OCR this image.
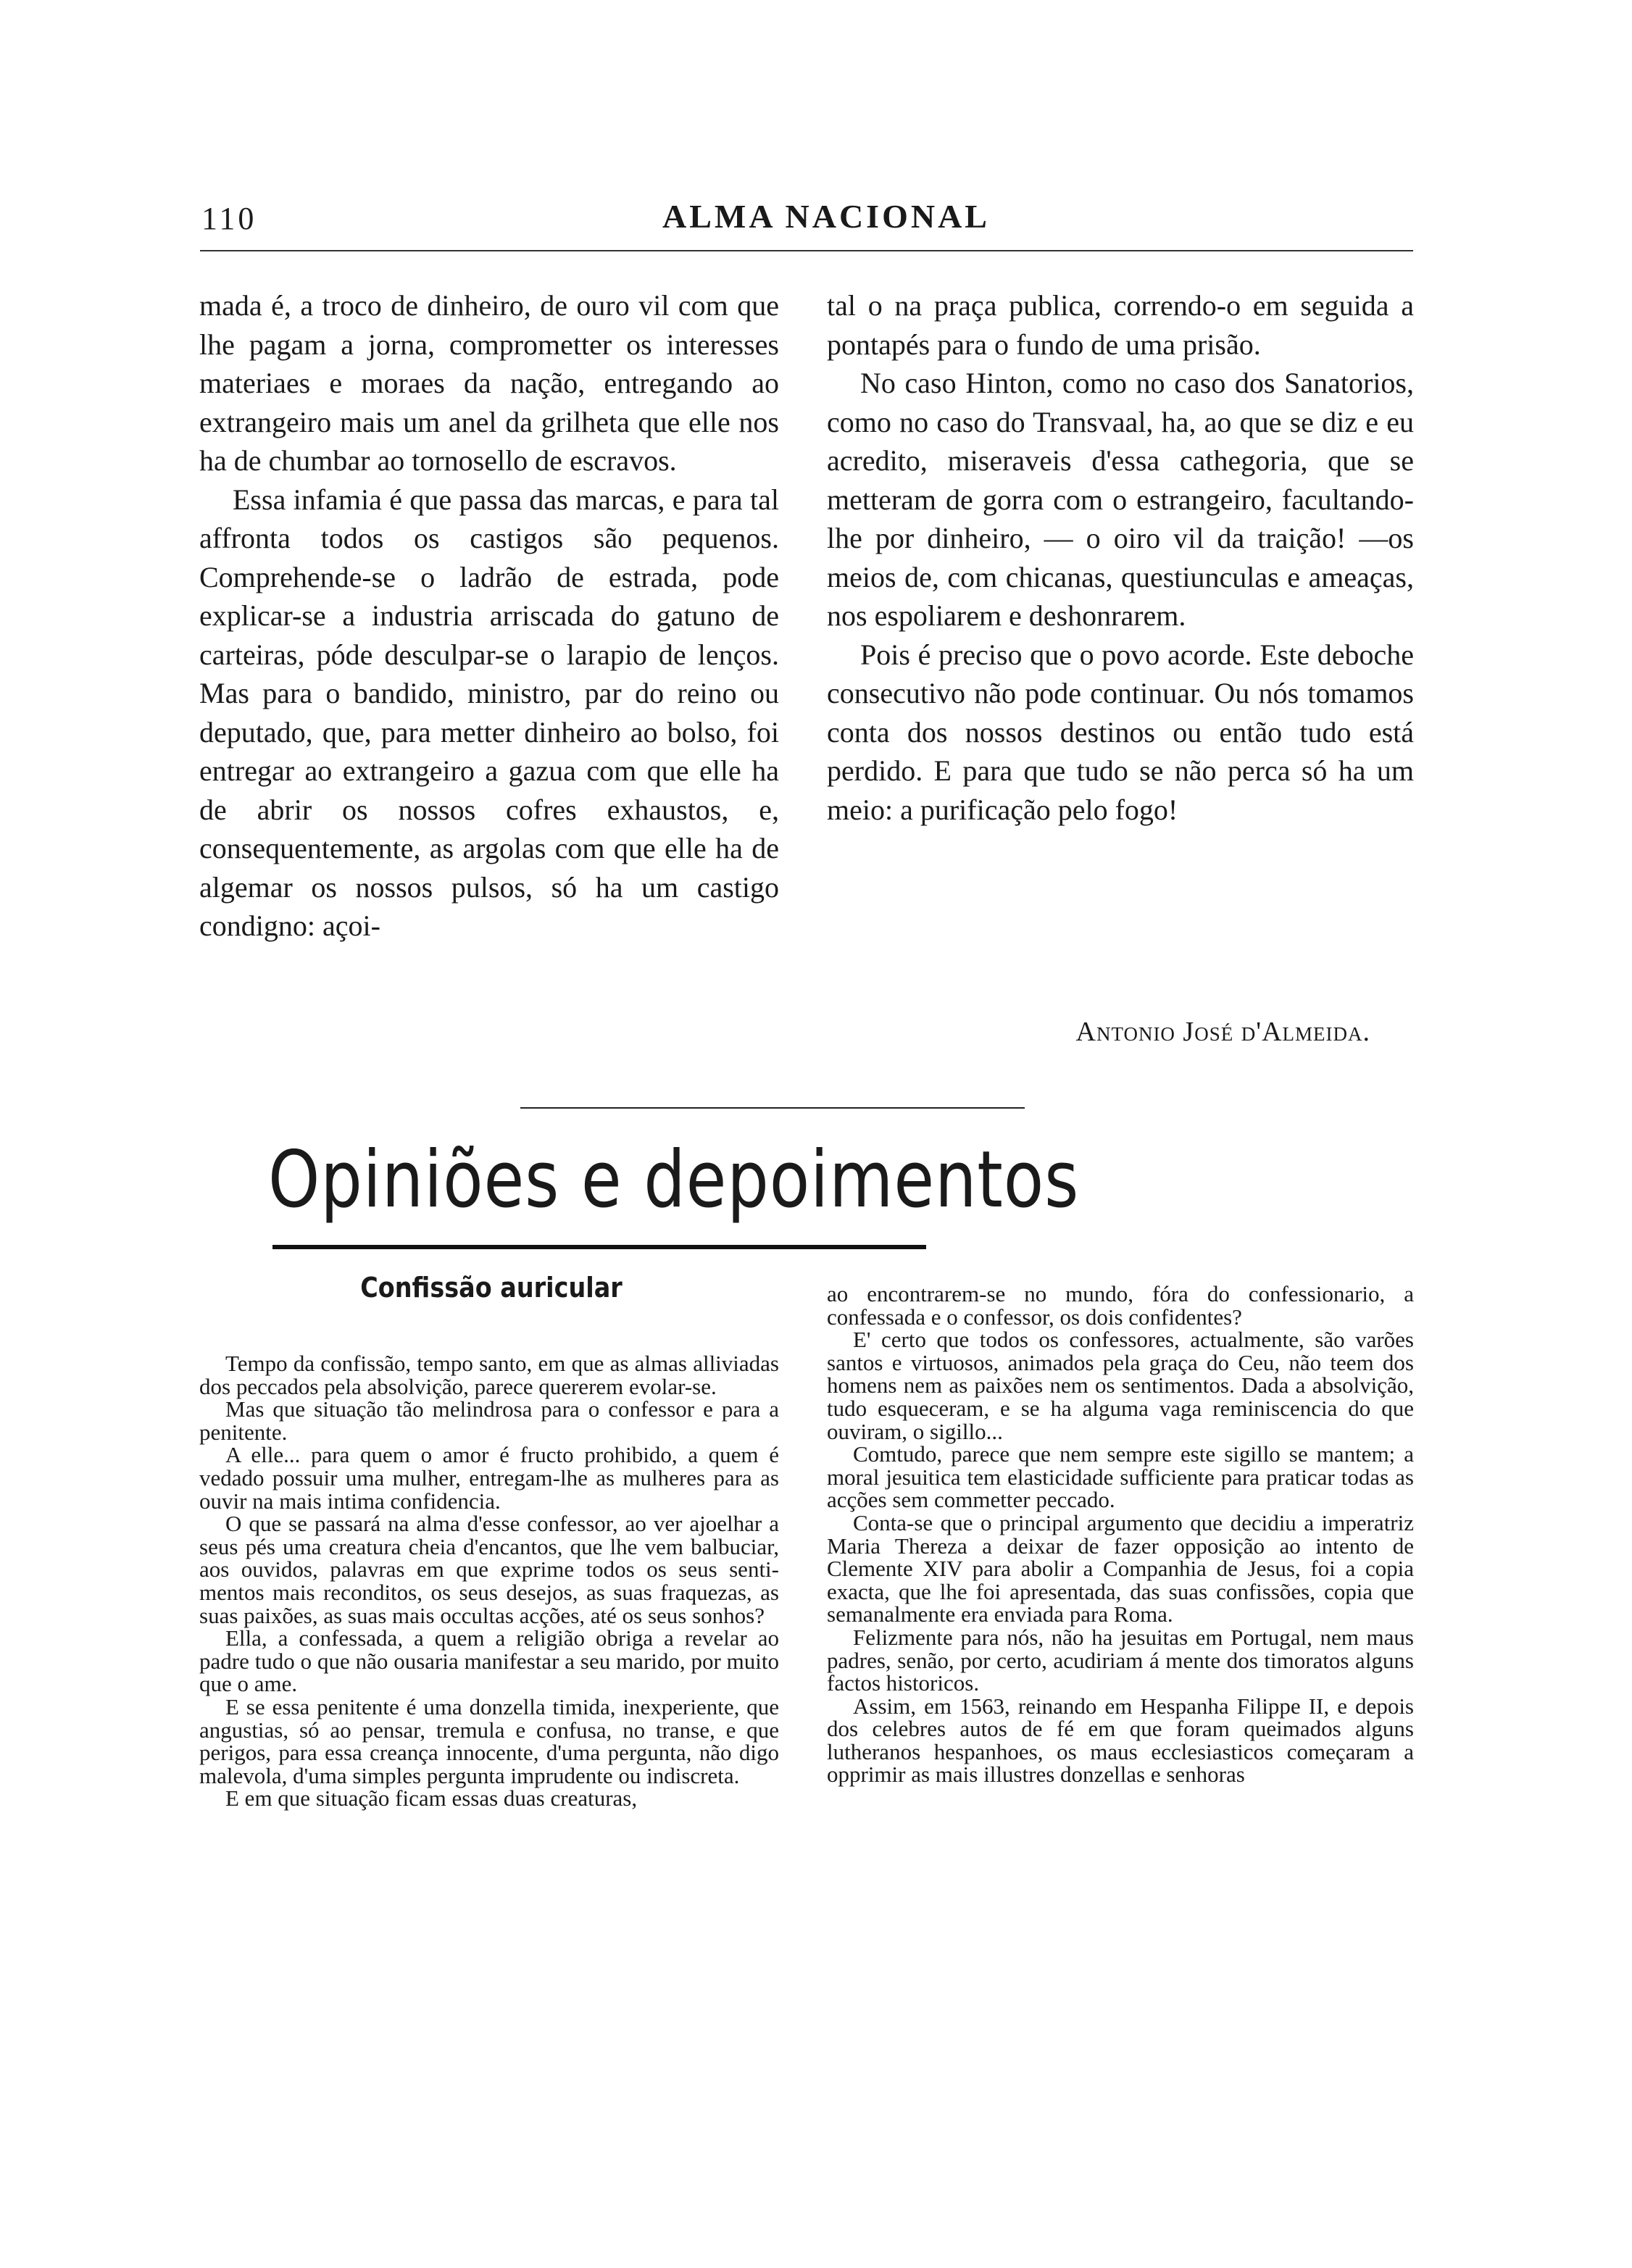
110	ALMA NACIONAL

mada é, a troco de dinheiro, de ouro vil com que lhe pagam a jorna, comprometter os interesses materiaes e moraes da nação, entregando ao extrangeiro mais um anel da grilheta que elle nos ha de chumbar ao tornosello de escravos.

Essa infamia é que passa das marcas, e para tal affronta todos os castigos são pequenos. Comprehende-se o ladrão de estrada, pode explicar-se a industria arriscada do gatuno de carteiras, póde desculpar-se o larapio de lenços. Mas para o bandido, ministro, par do reino ou deputado, que, para metter dinheiro ao bolso, foi entregar ao extrangeiro a gazua com que elle ha de abrir os nossos cofres exhaustos, e, consequentemente, as argolas com que elle ha de algemar os nossos pulsos, só ha um castigo condigno: açoi-

tal o na praça publica, correndo-o em seguida a pontapés para o fundo de uma prisão.

No caso Hinton, como no caso dos Sanatorios, como no caso do Transvaal, ha, ao que se diz e eu acredito, miseraveis d'essa cathegoria, que se metteram de gorra com o estrangeiro, facultando-lhe por dinheiro, — o oiro vil da traição! —os meios de, com chicanas, questiunculas e ameaças, nos espoliarem e deshonrarem.

Pois é preciso que o povo acorde. Este deboche consecutivo não pode continuar. Ou nós tomamos conta dos nossos destinos ou então tudo está perdido. E para que tudo se não perca só ha um meio: a purificação pelo fogo!

Antonio José d'Almeida.
Opiniões e depoimentos
Confissão auricular

Tempo da confissão, tempo santo, em que as almas alliviadas dos peccados pela absolvição, parece quererem evolar-se.

Mas que situação tão melindrosa para o confessor e para a penitente.

A elle... para quem o amor é fructo prohibido, a quem é vedado possuir uma mulher, entregam-lhe as mulheres para as ouvir na mais intima confidencia.

O que se passará na alma d'esse confessor, ao ver ajoelhar a seus pés uma creatura cheia d'encantos, que lhe vem balbuciar, aos ouvidos, palavras em que exprime todos os seus sentimentos mais reconditos, os seus desejos, as suas fraquezas, as suas paixões, as suas mais occultas acções, até os seus sonhos?

Ella, a confessada, a quem a religião obriga a revelar ao padre tudo o que não ousaria manifestar a seu marido, por muito que o ame.

E se essa penitente é uma donzella timida, inexperiente, que angustias, só ao pensar, tremula e confusa, no transe, e que perigos, para essa creança innocente, d'uma pergunta, não digo malevola, d'uma simples pergunta imprudente ou indiscreta.

E em que situação ficam essas duas creaturas,

ao encontrarem-se no mundo, fóra do confessionario, a confessada e o confessor, os dois confidentes?

E' certo que todos os confessores, actualmente, são varões santos e virtuosos, animados pela graça do Ceu, não teem dos homens nem as paixões nem os sentimentos. Dada a absolvição, tudo esqueceram, e se ha alguma vaga reminiscencia do que ouviram, o sigillo...

Comtudo, parece que nem sempre este sigillo se mantem; a moral jesuitica tem elasticidade sufficiente para praticar todas as acções sem commetter peccado.

Conta-se que o principal argumento que decidiu a imperatriz Maria Thereza a deixar de fazer opposição ao intento de Clemente XIV para abolir a Companhia de Jesus, foi a copia exacta, que lhe foi apresentada, das suas confissões, copia que semanalmente era enviada para Roma.

Felizmente para nós, não ha jesuitas em Portugal, nem maus padres, senão, por certo, acudiriam á mente dos timoratos alguns factos historicos.

Assim, em 1563, reinando em Hespanha Filippe II, e depois dos celebres autos de fé em que foram queimados alguns lutheranos hespanhoes, os maus ecclesiasticos começaram a opprimir as mais illustres donzellas e senhoras
